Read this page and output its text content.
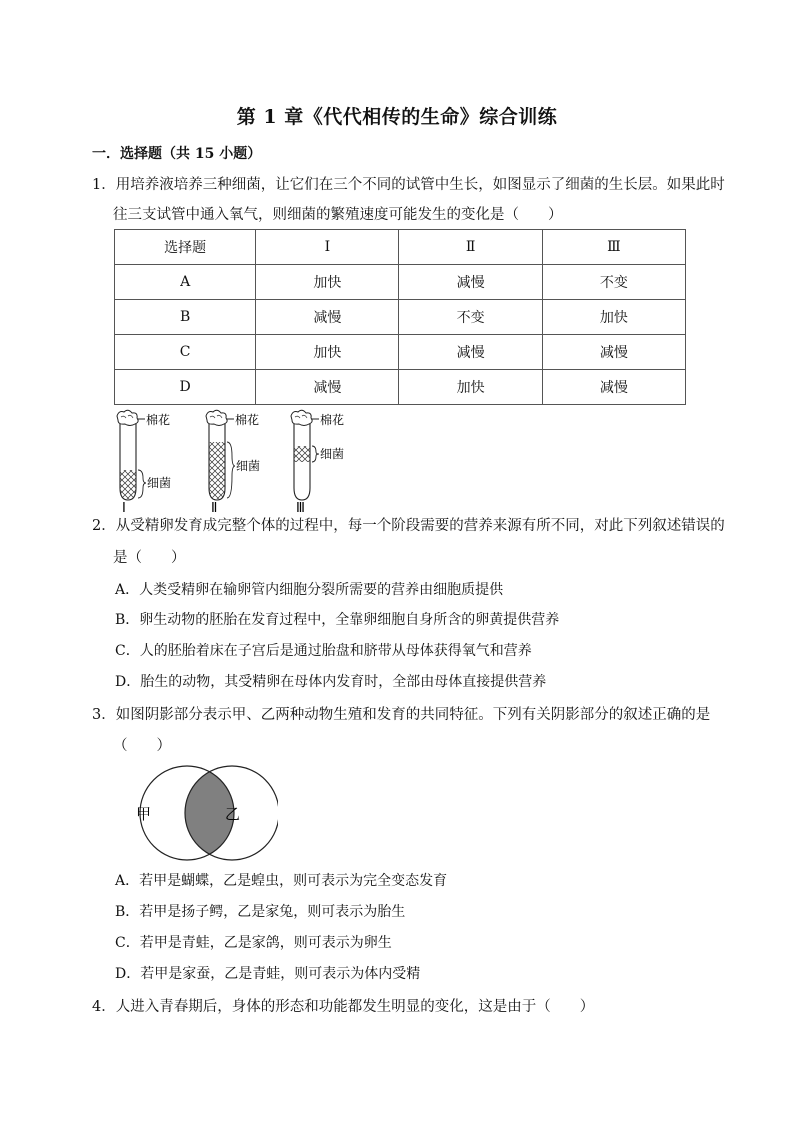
第 1 章《代代相传的生命》综合训练
一．选择题（共 15 小题）
1．用培养液培养三种细菌，让它们在三个不同的试管中生长，如图显示了细菌的生长层。如果此时
往三支试管中通入氧气，则细菌的繁殖速度可能发生的变化是（　　）
选择题	Ⅰ	Ⅱ	Ⅲ
A	加快	减慢	不变
B	减慢	不变	加快
C	加快	减慢	减慢
D	减慢	加快	减慢
棉花
细菌
Ⅰ
棉花
细菌
Ⅱ
棉花
细菌
Ⅲ
2．从受精卵发育成完整个体的过程中，每一个阶段需要的营养来源有所不同，对此下列叙述错误的
是（　　）
A．人类受精卵在输卵管内细胞分裂所需要的营养由细胞质提供
B．卵生动物的胚胎在发育过程中，全靠卵细胞自身所含的卵黄提供营养
C．人的胚胎着床在子宫后是通过胎盘和脐带从母体获得氧气和营养
D．胎生的动物，其受精卵在母体内发育时，全部由母体直接提供营养
3．如图阴影部分表示甲、乙两种动物生殖和发育的共同特征。下列有关阴影部分的叙述正确的是
（　　）
甲	乙
A．若甲是蝴蝶，乙是蝗虫，则可表示为完全变态发育
B．若甲是扬子鳄，乙是家兔，则可表示为胎生
C．若甲是青蛙，乙是家鸽，则可表示为卵生
D．若甲是家蚕，乙是青蛙，则可表示为体内受精
4．人进入青春期后，身体的形态和功能都发生明显的变化，这是由于（　　）
